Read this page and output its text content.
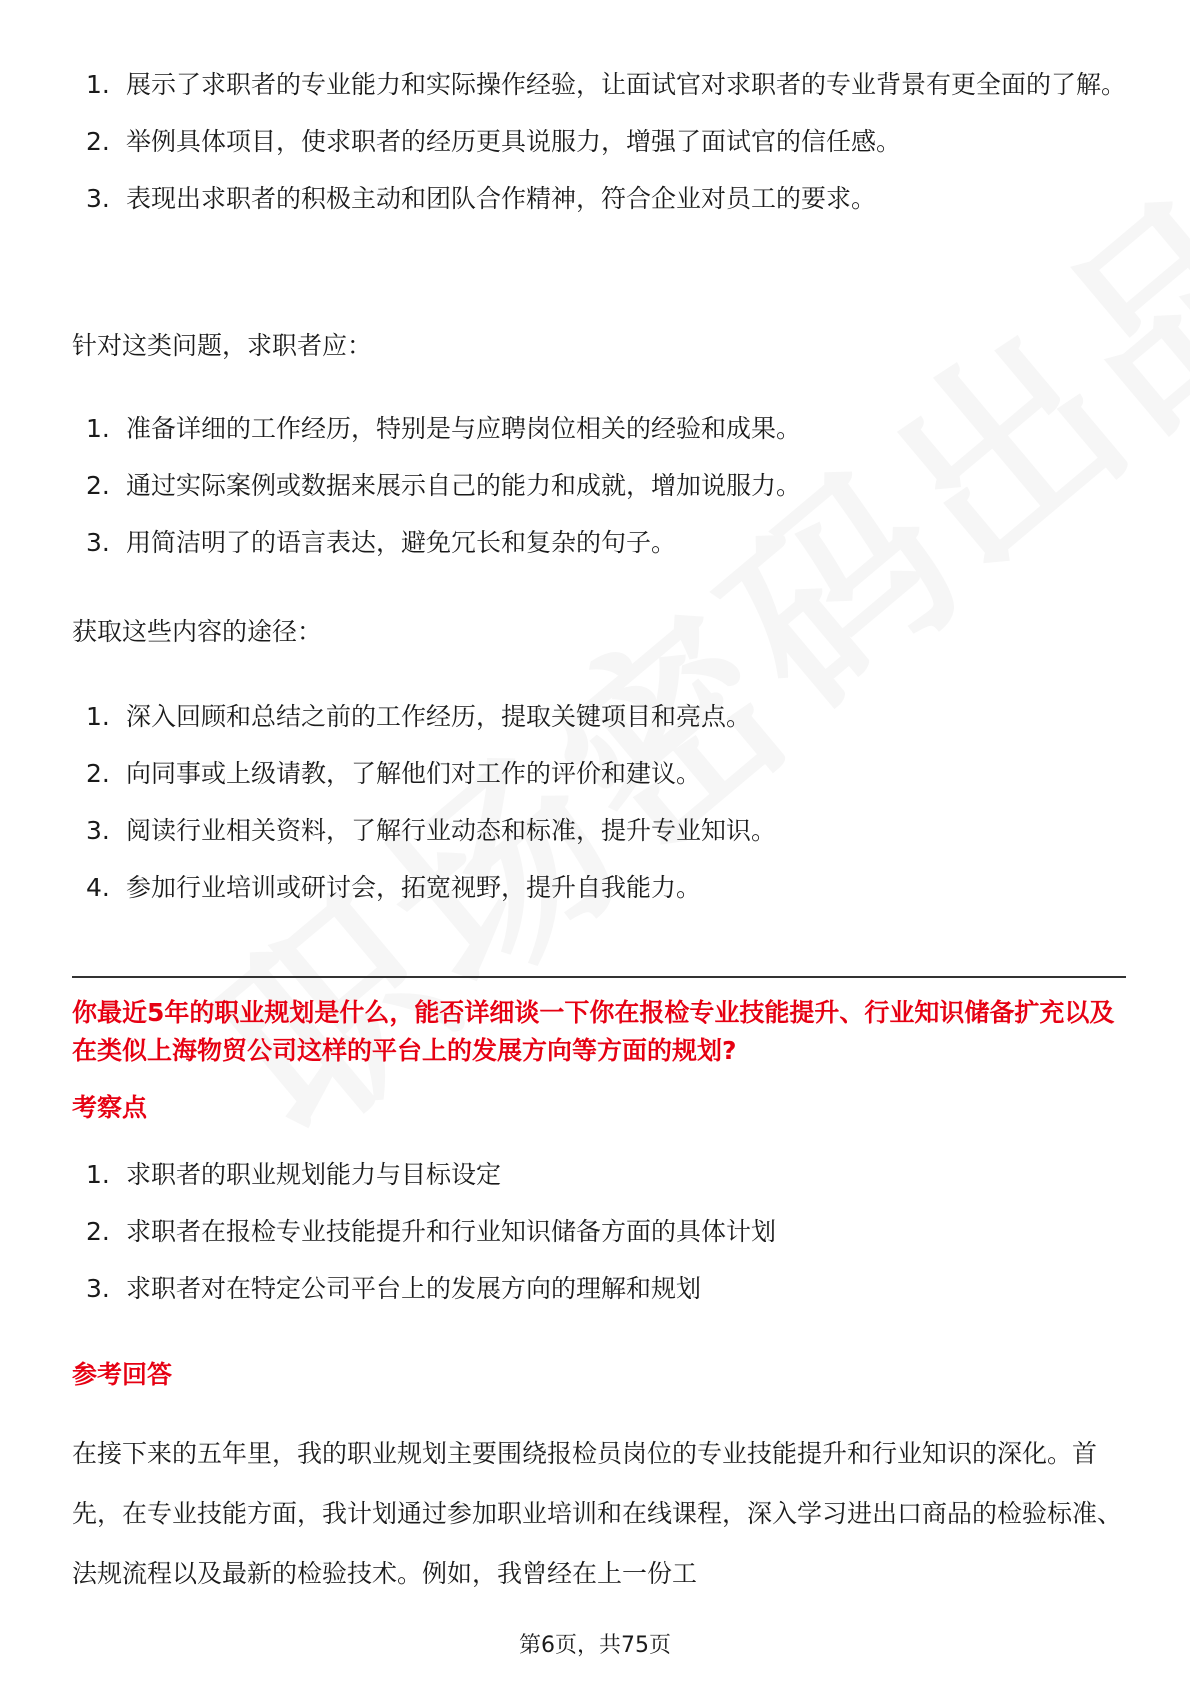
1. 展示了求职者的专业能力和实际操作经验，让面试官对求职者的专业背景有更全面的了解。
2. 举例具体项目，使求职者的经历更具说服力，增强了面试官的信任感。
3. 表现出求职者的积极主动和团队合作精神，符合企业对员工的要求。
针对这类问题，求职者应：
1. 准备详细的工作经历，特别是与应聘岗位相关的经验和成果。
2. 通过实际案例或数据来展示自己的能力和成就，增加说服力。
3. 用简洁明了的语言表达，避免冗长和复杂的句子。
获取这些内容的途径：
1. 深入回顾和总结之前的工作经历，提取关键项目和亮点。
2. 向同事或上级请教，了解他们对工作的评价和建议。
3. 阅读行业相关资料，了解行业动态和标准，提升专业知识。
4. 参加行业培训或研讨会，拓宽视野，提升自我能力。
你最近5年的职业规划是什么，能否详细谈一下你在报检专业技能提升、行业知识储备扩充以及在类似上海物贸公司这样的平台上的发展方向等方面的规划?
考察点
1. 求职者的职业规划能力与目标设定
2. 求职者在报检专业技能提升和行业知识储备方面的具体计划
3. 求职者对在特定公司平台上的发展方向的理解和规划
参考回答
在接下来的五年里，我的职业规划主要围绕报检员岗位的专业技能提升和行业知识的深化。首先，在专业技能方面，我计划通过参加职业培训和在线课程，深入学习进出口商品的检验标准、法规流程以及最新的检验技术。例如，我曾经在上一份工
第6页，共75页
